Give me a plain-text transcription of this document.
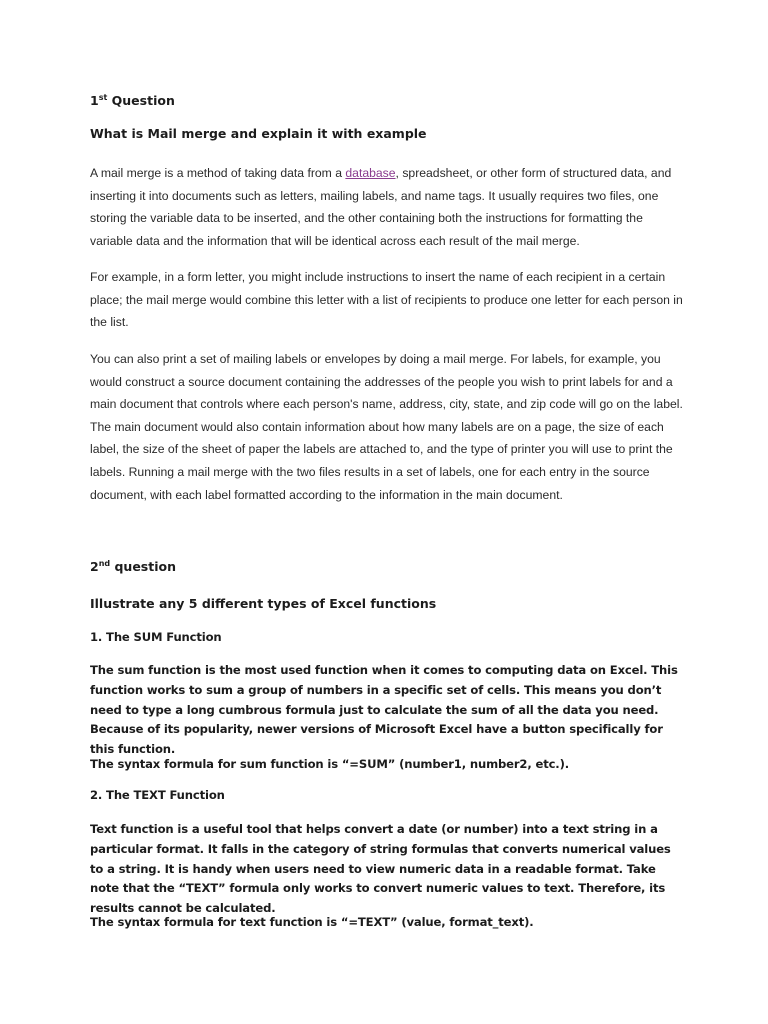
1st Question

What is Mail merge and explain it with example

A mail merge is a method of taking data from a database, spreadsheet, or other form of structured data, and inserting it into documents such as letters, mailing labels, and name tags. It usually requires two files, one storing the variable data to be inserted, and the other containing both the instructions for formatting the variable data and the information that will be identical across each result of the mail merge.

For example, in a form letter, you might include instructions to insert the name of each recipient in a certain place; the mail merge would combine this letter with a list of recipients to produce one letter for each person in the list.

You can also print a set of mailing labels or envelopes by doing a mail merge. For labels, for example, you would construct a source document containing the addresses of the people you wish to print labels for and a main document that controls where each person's name, address, city, state, and zip code will go on the label. The main document would also contain information about how many labels are on a page, the size of each label, the size of the sheet of paper the labels are attached to, and the type of printer you will use to print the labels. Running a mail merge with the two files results in a set of labels, one for each entry in the source document, with each label formatted according to the information in the main document.

2nd question

Illustrate any 5 different types of Excel functions

1. The SUM Function

The sum function is the most used function when it comes to computing data on Excel. This function works to sum a group of numbers in a specific set of cells. This means you don’t need to type a long cumbrous formula just to calculate the sum of all the data you need. Because of its popularity, newer versions of Microsoft Excel have a button specifically for this function.

The syntax formula for sum function is “=SUM” (number1, number2, etc.).

2. The TEXT Function

Text function is a useful tool that helps convert a date (or number) into a text string in a particular format. It falls in the category of string formulas that converts numerical values to a string. It is handy when users need to view numeric data in a readable format. Take note that the “TEXT” formula only works to convert numeric values to text. Therefore, its results cannot be calculated.

The syntax formula for text function is “=TEXT” (value, format_text).
